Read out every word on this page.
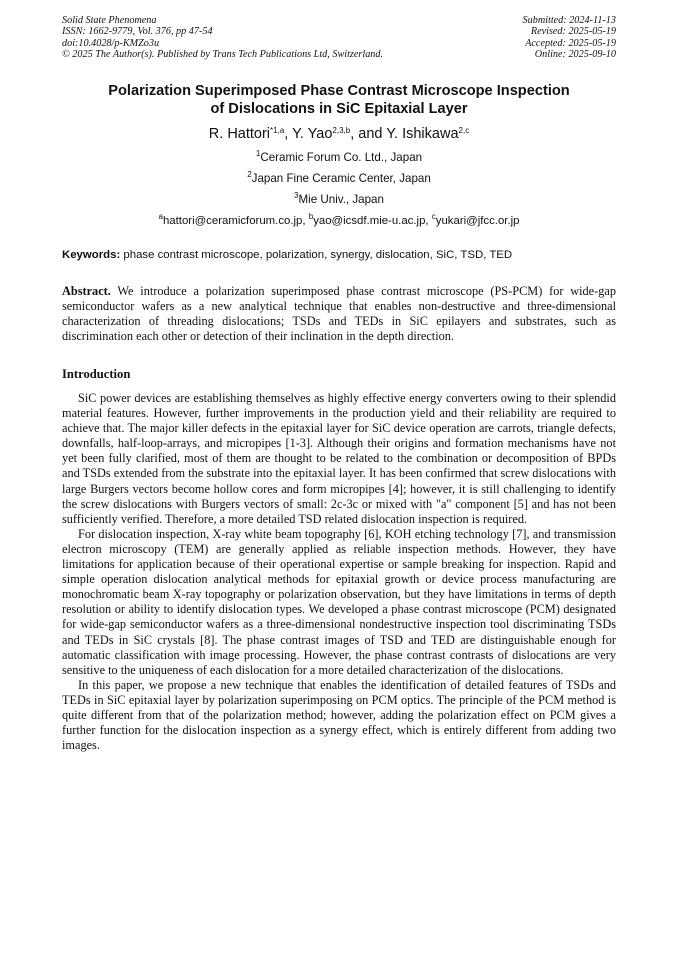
Solid State Phenomena
ISSN: 1662-9779, Vol. 376, pp 47-54
doi:10.4028/p-KMZo3u
© 2025 The Author(s). Published by Trans Tech Publications Ltd, Switzerland.
Submitted: 2024-11-13
Revised: 2025-05-19
Accepted: 2025-05-19
Online: 2025-09-10
Polarization Superimposed Phase Contrast Microscope Inspection
of Dislocations in SiC Epitaxial Layer
R. Hattori$^{*1,a}$, Y. Yao$^{2,3,b}$, and Y. Ishikawa$^{2,c}$
$^1$Ceramic Forum Co. Ltd., Japan
$^2$Japan Fine Ceramic Center, Japan
$^3$Mie Univ., Japan
$^a$hattori@ceramicforum.co.jp, $^b$yao@icsdf.mie-u.ac.jp, $^c$yukari@jfcc.or.jp
Keywords: phase contrast microscope, polarization, synergy, dislocation, SiC, TSD, TED
Abstract. We introduce a polarization superimposed phase contrast microscope (PS-PCM) for wide-gap semiconductor wafers as a new analytical technique that enables non-destructive and three-dimensional characterization of threading dislocations; TSDs and TEDs in SiC epilayers and substrates, such as discrimination each other or detection of their inclination in the depth direction.
Introduction

SiC power devices are establishing themselves as highly effective energy converters owing to their splendid material features. However, further improvements in the production yield and their reliability are required to achieve that. The major killer defects in the epitaxial layer for SiC device operation are carrots, triangle defects, downfalls, half-loop-arrays, and micropipes [1-3]. Although their origins and formation mechanisms have not yet been fully clarified, most of them are thought to be related to the combination or decomposition of BPDs and TSDs extended from the substrate into the epitaxial layer. It has been confirmed that screw dislocations with large Burgers vectors become hollow cores and form micropipes [4]; however, it is still challenging to identify the screw dislocations with Burgers vectors of small: 2c-3c or mixed with "a" component [5] and has not been sufficiently verified. Therefore, a more detailed TSD related dislocation inspection is required.

For dislocation inspection, X-ray white beam topography [6], KOH etching technology [7], and transmission electron microscopy (TEM) are generally applied as reliable inspection methods. However, they have limitations for application because of their operational expertise or sample breaking for inspection. Rapid and simple operation dislocation analytical methods for epitaxial growth or device process manufacturing are monochromatic beam X-ray topography or polarization observation, but they have limitations in terms of depth resolution or ability to identify dislocation types. We developed a phase contrast microscope (PCM) designated for wide-gap semiconductor wafers as a three-dimensional nondestructive inspection tool discriminating TSDs and TEDs in SiC crystals [8]. The phase contrast images of TSD and TED are distinguishable enough for automatic classification with image processing. However, the phase contrast contrasts of dislocations are very sensitive to the uniqueness of each dislocation for a more detailed characterization of the dislocations.

In this paper, we propose a new technique that enables the identification of detailed features of TSDs and TEDs in SiC epitaxial layer by polarization superimposing on PCM optics. The principle of the PCM method is quite different from that of the polarization method; however, adding the polarization effect on PCM gives a further function for the dislocation inspection as a synergy effect, which is entirely different from adding two images.
